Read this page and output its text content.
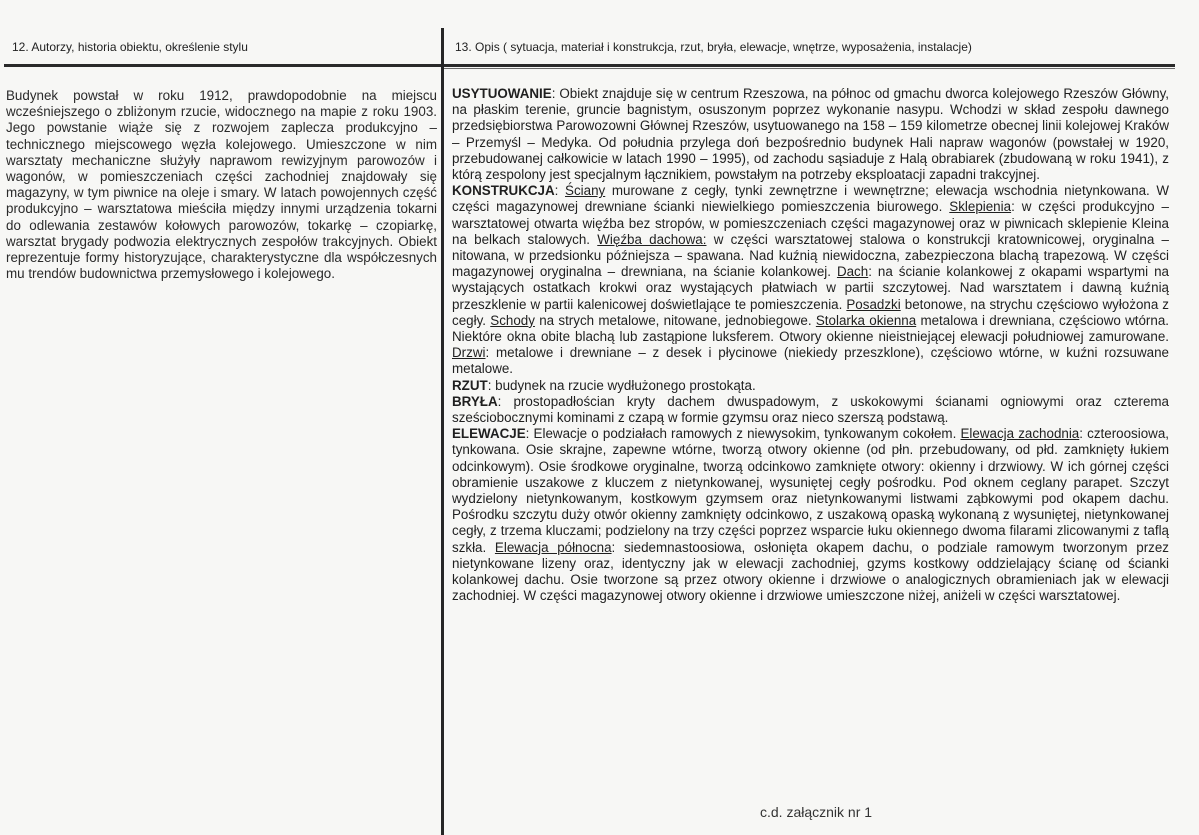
12. Autorzy, historia obiektu, określenie stylu	13. Opis ( sytuacja, materiał i konstrukcja, rzut, bryła, elewacje, wnętrze, wyposażenia, instalacje)
Budynek powstał w roku 1912, prawdopodobnie na miejscu wcześniejszego o zbliżonym rzucie, widocznego na mapie z roku 1903. Jego powstanie wiąże się z rozwojem zaplecza produkcyjno – technicznego miejscowego węzła kolejowego. Umieszczone w nim warsztaty mechaniczne służyły naprawom rewizyjnym parowozów i wagonów, w pomieszczeniach części zachodniej znajdowały się magazyny, w tym piwnice na oleje i smary. W latach powojennych część produkcyjno – warsztatowa mieściła między innymi urządzenia tokarni do odlewania zestawów kołowych parowozów, tokarkę – czopiarkę, warsztat brygady podwozia elektrycznych zespołów trakcyjnych. Obiekt reprezentuje formy historyzujące, charakterystyczne dla współczesnych mu trendów budownictwa przemysłowego i kolejowego.

USYTUOWANIE: Obiekt znajduje się w centrum Rzeszowa, na północ od gmachu dworca kolejowego Rzeszów Główny, na płaskim terenie, gruncie bagnistym, osuszonym poprzez wykonanie nasypu. Wchodzi w skład zespołu dawnego przedsiębiorstwa Parowozowni Głównej Rzeszów, usytuowanego na 158 – 159 kilometrze obecnej linii kolejowej Kraków – Przemyśl – Medyka. Od południa przylega doń bezpośrednio budynek Hali napraw wagonów (powstałej w 1920, przebudowanej całkowicie w latach 1990 – 1995), od zachodu sąsiaduje z Halą obrabiarek (zbudowaną w roku 1941), z którą zespolony jest specjalnym łącznikiem, powstałym na potrzeby eksploatacji zapadni trakcyjnej.

KONSTRUKCJA: Ściany murowane z cegły, tynki zewnętrzne i wewnętrzne; elewacja wschodnia nietynkowana. W części magazynowej drewniane ścianki niewielkiego pomieszczenia biurowego. Sklepienia: w części produkcyjno – warsztatowej otwarta więźba bez stropów, w pomieszczeniach części magazynowej oraz w piwnicach sklepienie Kleina na belkach stalowych. Więźba dachowa: w części warsztatowej stalowa o konstrukcji kratownicowej, oryginalna – nitowana, w przedsionku późniejsza – spawana. Nad kuźnią niewidoczna, zabezpieczona blachą trapezową. W części magazynowej oryginalna – drewniana, na ścianie kolankowej. Dach: na ścianie kolankowej z okapami wspartymi na wystających ostatkach krokwi oraz wystających płatwiach w partii szczytowej. Nad warsztatem i dawną kuźnią przeszklenie w partii kalenicowej doświetlające te pomieszczenia. Posadzki betonowe, na strychu częściowo wyłożona z cegły. Schody na strych metalowe, nitowane, jednobiegowe. Stolarka okienna metalowa i drewniana, częściowo wtórna. Niektóre okna obite blachą lub zastąpione luksferem. Otwory okienne nieistniejącej elewacji południowej zamurowane. Drzwi: metalowe i drewniane – z desek i płycinowe (niekiedy przeszklone), częściowo wtórne, w kuźni rozsuwane metalowe.

RZUT: budynek na rzucie wydłużonego prostokąta.

BRYŁA: prostopadłościan kryty dachem dwuspadowym, z uskokowymi ścianami ogniowymi oraz czterema sześciobocznymi kominami z czapą w formie gzymsu oraz nieco szerszą podstawą.

ELEWACJE: Elewacje o podziałach ramowych z niewysokim, tynkowanym cokołem. Elewacja zachodnia: czteroosiowa, tynkowana. Osie skrajne, zapewne wtórne, tworzą otwory okienne (od płn. przebudowany, od płd. zamknięty łukiem odcinkowym). Osie środkowe oryginalne, tworzą odcinkowo zamknięte otwory: okienny i drzwiowy. W ich górnej części obramienie uszakowe z kluczem z nietynkowanej, wysuniętej cegły pośrodku. Pod oknem ceglany parapet. Szczyt wydzielony nietynkowanym, kostkowym gzymsem oraz nietynkowanymi listwami ząbkowymi pod okapem dachu. Pośrodku szczytu duży otwór okienny zamknięty odcinkowo, z uszakową opaską wykonaną z wysuniętej, nietynkowanej cegły, z trzema kluczami; podzielony na trzy części poprzez wsparcie łuku okiennego dwoma filarami zlicowanymi z taflą szkła. Elewacja północna: siedemnastoosiowa, osłonięta okapem dachu, o podziale ramowym tworzonym przez nietynkowane lizeny oraz, identyczny jak w elewacji zachodniej, gzyms kostkowy oddzielający ścianę od ścianki kolankowej dachu. Osie tworzone są przez otwory okienne i drzwiowe o analogicznych obramieniach jak w elewacji zachodniej. W części magazynowej otwory okienne i drzwiowe umieszczone niżej, aniżeli w części warsztatowej.

c.d. załącznik nr 1
